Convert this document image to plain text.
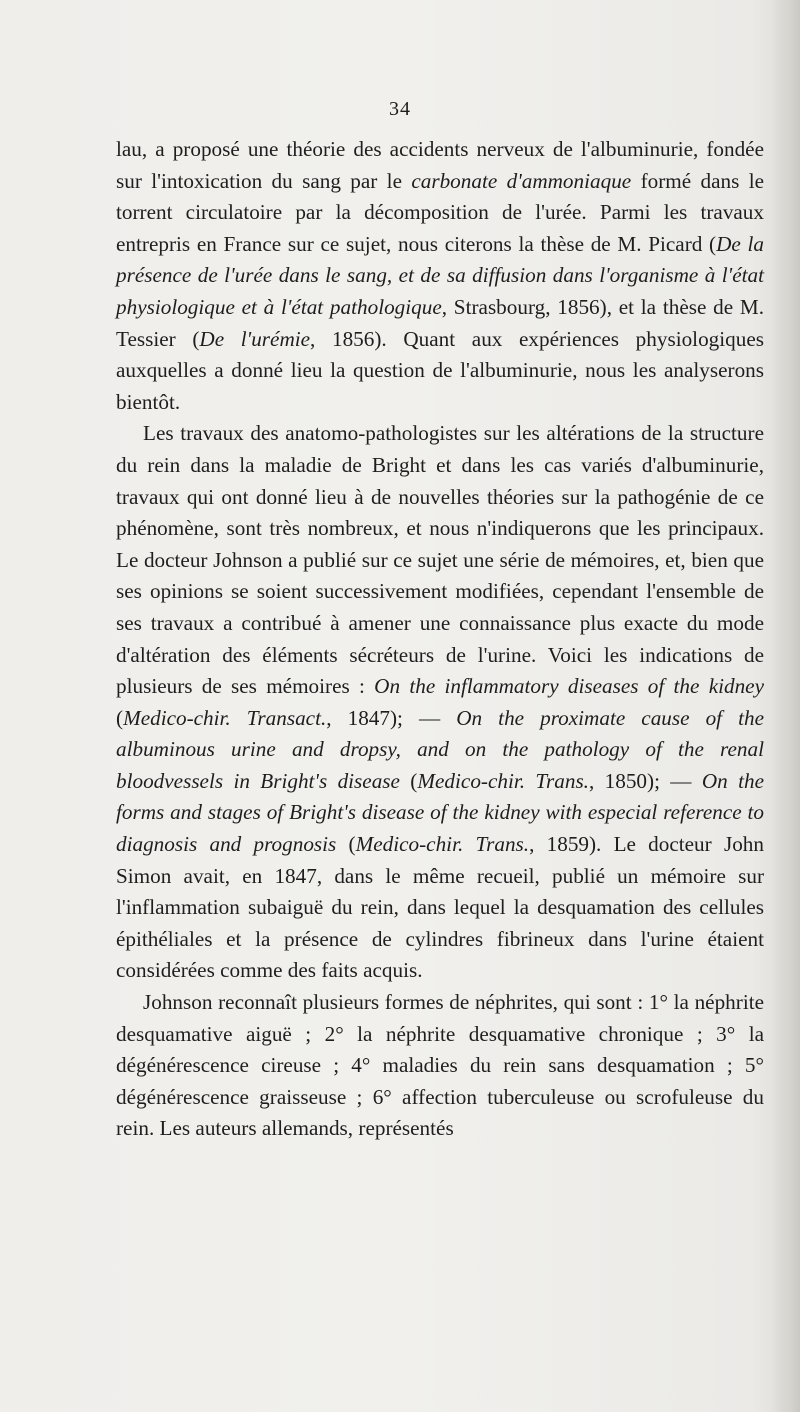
34

lau, a proposé une théorie des accidents nerveux de l'albuminurie, fondée sur l'intoxication du sang par le carbonate d'ammoniaque formé dans le torrent circulatoire par la décomposition de l'urée. Parmi les travaux entrepris en France sur ce sujet, nous citerons la thèse de M. Picard (De la présence de l'urée dans le sang, et de sa diffusion dans l'organisme à l'état physiologique et à l'état pathologique, Strasbourg, 1856), et la thèse de M. Tessier (De l'urémie, 1856). Quant aux expériences physiologiques auxquelles a donné lieu la question de l'albuminurie, nous les analyserons bientôt.

Les travaux des anatomo-pathologistes sur les altérations de la structure du rein dans la maladie de Bright et dans les cas variés d'albuminurie, travaux qui ont donné lieu à de nouvelles théories sur la pathogénie de ce phénomène, sont très nombreux, et nous n'indiquerons que les principaux. Le docteur Johnson a publié sur ce sujet une série de mémoires, et, bien que ses opinions se soient successivement modifiées, cependant l'ensemble de ses travaux a contribué à amener une connaissance plus exacte du mode d'altération des éléments sécréteurs de l'urine. Voici les indications de plusieurs de ses mémoires : On the inflammatory diseases of the kidney (Medico-chir. Transact., 1847); — On the proximate cause of the albuminous urine and dropsy, and on the pathology of the renal bloodvessels in Bright's disease (Medico-chir. Trans., 1850); — On the forms and stages of Bright's disease of the kidney with especial reference to diagnosis and prognosis (Medico-chir. Trans., 1859). Le docteur John Simon avait, en 1847, dans le même recueil, publié un mémoire sur l'inflammation subaiguë du rein, dans lequel la desquamation des cellules épithéliales et la présence de cylindres fibrineux dans l'urine étaient considérées comme des faits acquis.

Johnson reconnaît plusieurs formes de néphrites, qui sont : 1° la néphrite desquamative aiguë ; 2° la néphrite desquamative chronique ; 3° la dégénérescence cireuse ; 4° maladies du rein sans desquamation ; 5° dégénérescence graisseuse ; 6° affection tuberculeuse ou scrofuleuse du rein. Les auteurs allemands, représentés
